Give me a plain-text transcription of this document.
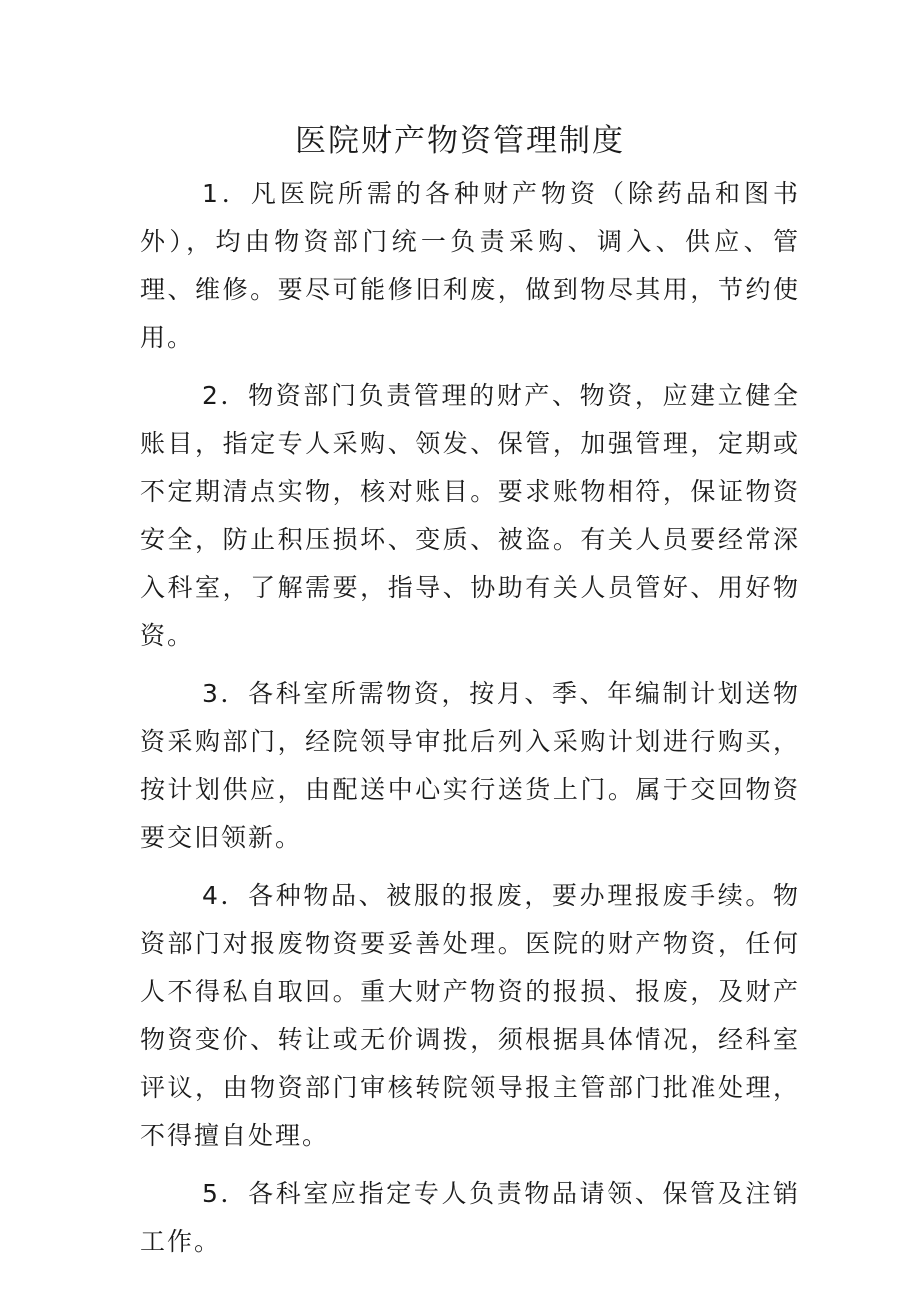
医院财产物资管理制度

1．凡医院所需的各种财产物资（除药品和图书外），均由物资部门统一负责采购、调入、供应、管理、维修。要尽可能修旧利废，做到物尽其用，节约使用。

2．物资部门负责管理的财产、物资，应建立健全账目，指定专人采购、领发、保管，加强管理，定期或不定期清点实物，核对账目。要求账物相符，保证物资安全，防止积压损坏、变质、被盗。有关人员要经常深入科室，了解需要，指导、协助有关人员管好、用好物资。

3．各科室所需物资，按月、季、年编制计划送物资采购部门，经院领导审批后列入采购计划进行购买，按计划供应，由配送中心实行送货上门。属于交回物资要交旧领新。

4．各种物品、被服的报废，要办理报废手续。物资部门对报废物资要妥善处理。医院的财产物资，任何人不得私自取回。重大财产物资的报损、报废，及财产物资变价、转让或无价调拨，须根据具体情况，经科室评议，由物资部门审核转院领导报主管部门批准处理，不得擅自处理。

5．各科室应指定专人负责物品请领、保管及注销工作。
